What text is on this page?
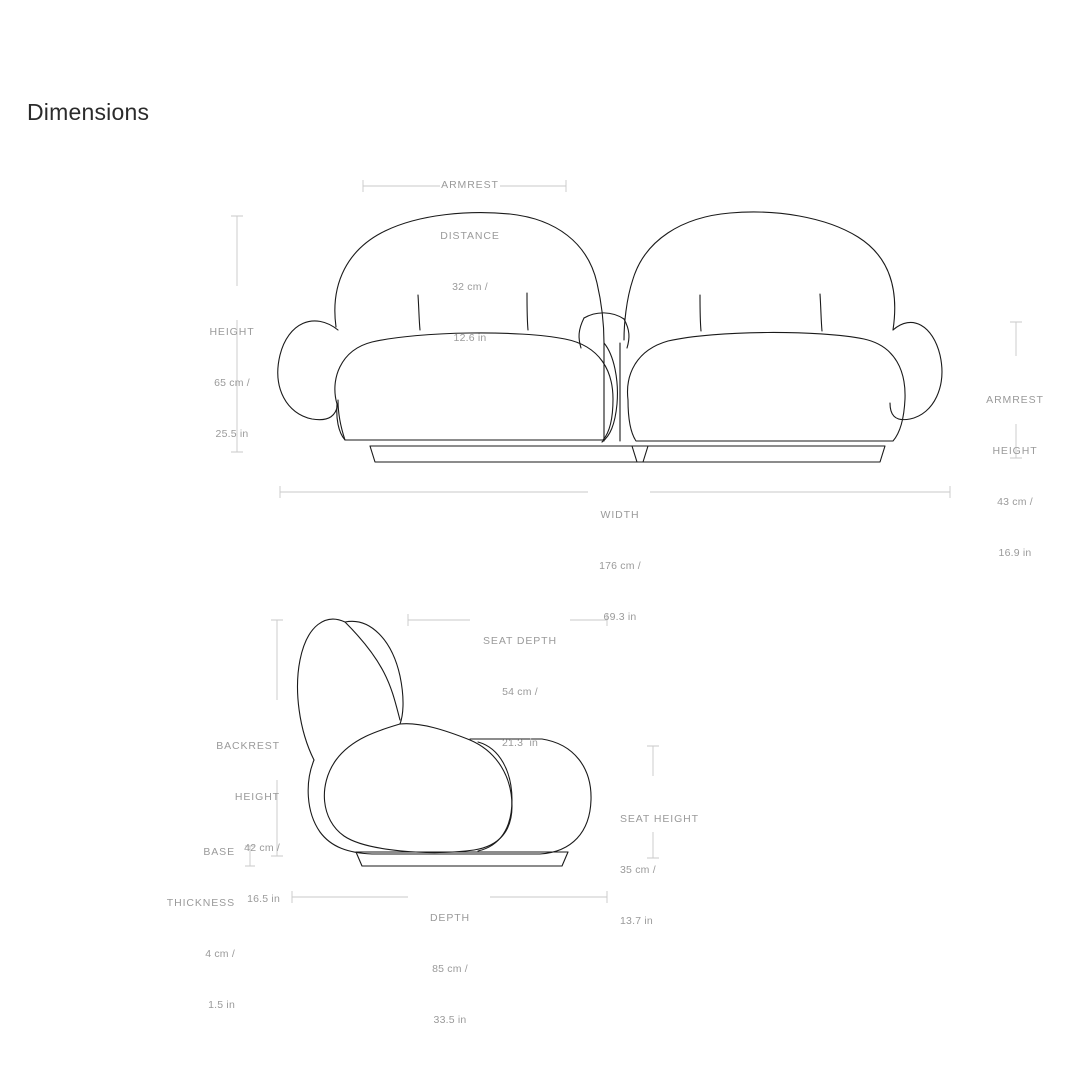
Dimensions

ARMREST

DISTANCE

32 cm /

12.6 in

HEIGHT

65 cm /

25.5 in

ARMREST

HEIGHT

43 cm /

16.9 in

WIDTH

176 cm /

69.3 in

SEAT DEPTH

54 cm /

21.3  in

BACKREST

HEIGHT

42 cm /

16.5 in

SEAT HEIGHT

35 cm /

13.7 in

BASE

THICKNESS

4 cm /

1.5 in

DEPTH

85 cm /

33.5 in
